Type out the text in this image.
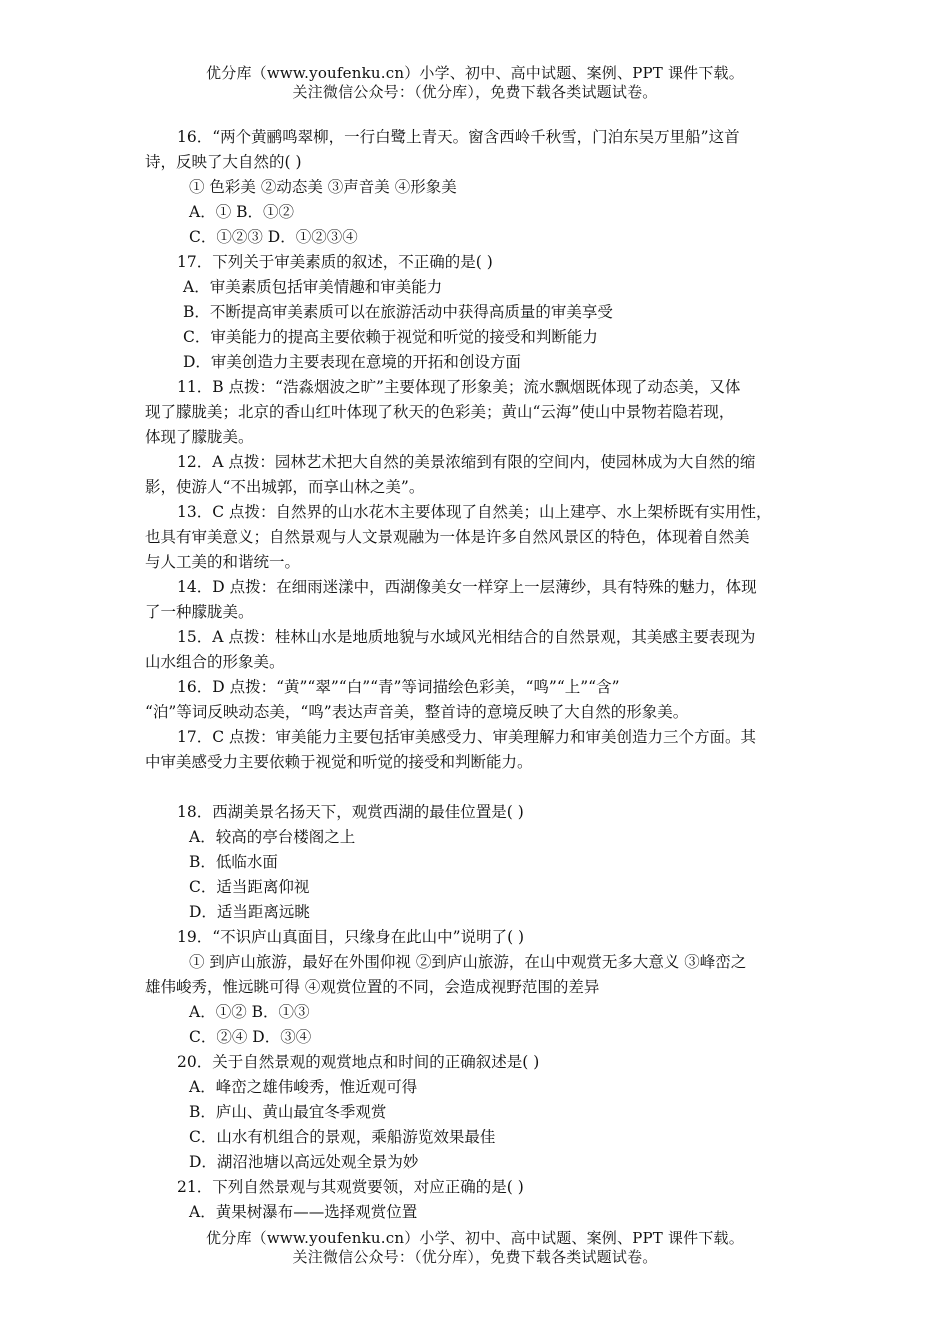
优分库（www.youfenku.cn）小学、初中、高中试题、案例、PPT 课件下载。
关注微信公众号：（优分库），免费下载各类试题试卷。

16．“两个黄鹂鸣翠柳，一行白鹭上青天。窗含西岭千秋雪，门泊东吴万里船”这首

诗，反映了大自然的( )

① 色彩美 ②动态美 ③声音美 ④形象美

A．① B．①②

C．①②③ D．①②③④

17．下列关于审美素质的叙述，不正确的是( )

A．审美素质包括审美情趣和审美能力

B．不断提高审美素质可以在旅游活动中获得高质量的审美享受

C．审美能力的提高主要依赖于视觉和听觉的接受和判断能力

D．审美创造力主要表现在意境的开拓和创设方面

11．B 点拨：“浩淼烟波之旷”主要体现了形象美；流水飘烟既体现了动态美，又体

现了朦胧美；北京的香山红叶体现了秋天的色彩美；黄山“云海”使山中景物若隐若现，

体现了朦胧美。

12．A 点拨：园林艺术把大自然的美景浓缩到有限的空间内，使园林成为大自然的缩

影，使游人“不出城郭，而享山林之美”。

13．C 点拨：自然界的山水花木主要体现了自然美；山上建亭、水上架桥既有实用性，

也具有审美意义；自然景观与人文景观融为一体是许多自然风景区的特色，体现着自然美

与人工美的和谐统一。

14．D 点拨：在细雨迷漾中，西湖像美女一样穿上一层薄纱，具有特殊的魅力，体现

了一种朦胧美。

15．A 点拨：桂林山水是地质地貌与水域风光相结合的自然景观，其美感主要表现为

山水组合的形象美。

16．D 点拨：“黄”“翠”“白”“青”等词描绘色彩美，“鸣”“上”“含”

“泊”等词反映动态美，“鸣”表达声音美，整首诗的意境反映了大自然的形象美。

17．C 点拨：审美能力主要包括审美感受力、审美理解力和审美创造力三个方面。其

中审美感受力主要依赖于视觉和听觉的接受和判断能力。

18．西湖美景名扬天下，观赏西湖的最佳位置是( )

A．较高的亭台楼阁之上

B．低临水面

C．适当距离仰视

D．适当距离远眺

19．“不识庐山真面目，只缘身在此山中”说明了( )

① 到庐山旅游，最好在外围仰视 ②到庐山旅游，在山中观赏无多大意义 ③峰峦之

雄伟峻秀，惟远眺可得 ④观赏位置的不同，会造成视野范围的差异

A．①② B．①③

C．②④ D．③④

20．关于自然景观的观赏地点和时间的正确叙述是( )

A．峰峦之雄伟峻秀，惟近观可得

B．庐山、黄山最宜冬季观赏

C．山水有机组合的景观，乘船游览效果最佳

D．湖沼池塘以高远处观全景为妙

21．下列自然景观与其观赏要领，对应正确的是( )

A．黄果树瀑布——选择观赏位置

优分库（www.youfenku.cn）小学、初中、高中试题、案例、PPT 课件下载。
关注微信公众号：（优分库），免费下载各类试题试卷。
